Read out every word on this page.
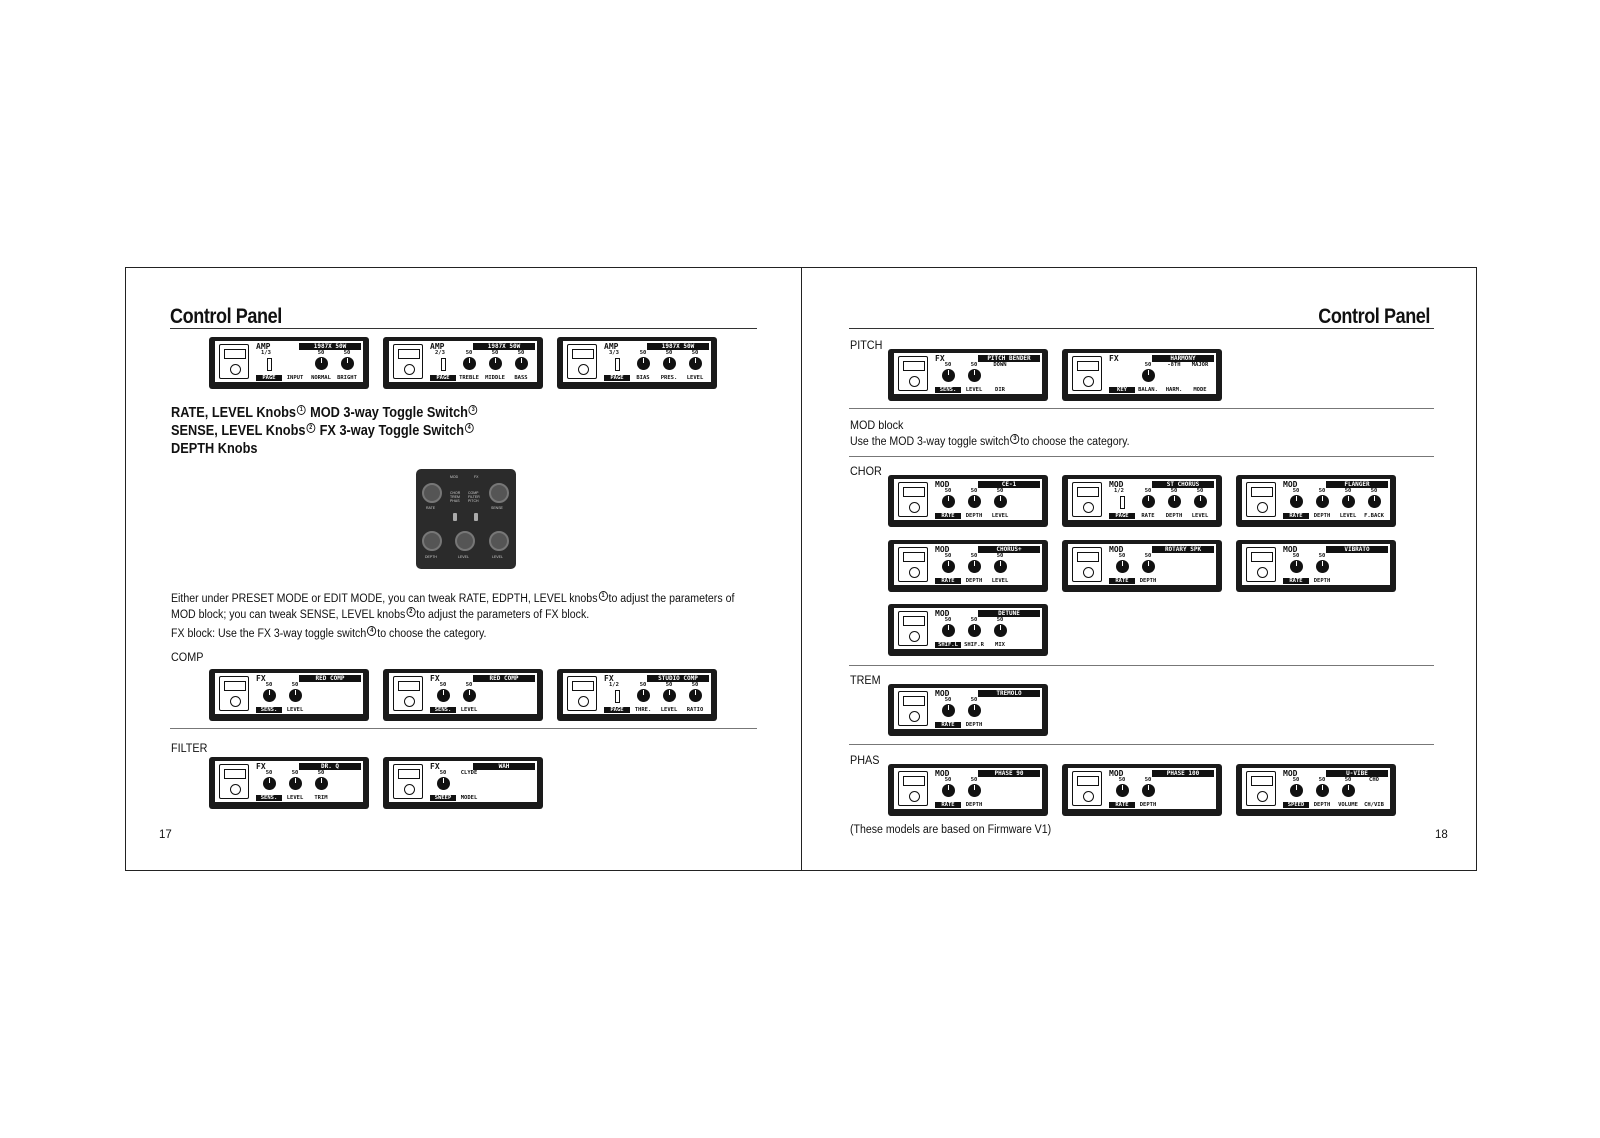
Control Panel
AMP	1987X 50W
1/3
PAGE	INPUT
50
NORMAL
50
BRIGHT
AMP	1987X 50W
2/3
PAGE
50
TREBLE
50
MIDDLE
50
BASS
AMP	1987X 50W
3/3
PAGE
50
BIAS
50
PRES.
50
LEVEL
RATE, LEVEL Knobs 1 MOD 3-way Toggle Switch 3
SENSE, LEVEL Knobs 2 FX 3-way Toggle Switch 4
DEPTH Knobs
MOD	FX
RATE	SENSE
CHOR
TREM
PHAS
COMP
FILTER
PITCH
DEPTH	LEVEL	LEVEL
Either under PRESET MODE or EDIT MODE, you can tweak RATE, EDPTH, LEVEL knobs 1 to adjust the parameters of MOD block; you can tweak SENSE, LEVEL knobs 2 to adjust the parameters of FX block.
FX block: Use the FX 3-way toggle switch 4 to choose the category.
COMP
FX	RED COMP
50
SENS.
50
LEVEL
FX	RED COMP
50
SENS.
50
LEVEL
FX	STUDIO COMP
1/2
PAGE
50
THRE.
50
LEVEL
50
RATIO
FILTER
FX	DR. Q
50
SENS.
50
LEVEL
50
TRIM
FX	WAH
50
SWEEP
CLYDE
MODEL
17
Control Panel
PITCH
FX	PITCH BENDER
50
SENS.
50
LEVEL
DOWN
DIR
FX	HARMONY
KEY
50
BALAN.
-8TH
HARM.
MAJOR
MODE
MOD block
Use the MOD 3-way toggle switch 3 to choose the category.
CHOR
MOD	CE-1
50
RATE
50
DEPTH
50
LEVEL
MOD	ST CHORUS
1/2
PAGE
50
RATE
50
DEPTH
50
LEVEL
MOD	FLANGER
50
RATE
50
DEPTH
50
LEVEL
50
F.BACK
MOD	CHORUS+
50
RATE
50
DEPTH
50
LEVEL
MOD	ROTARY SPK
50
RATE
50
DEPTH
MOD	VIBRATO
50
RATE
50
DEPTH
MOD	DETUNE
50
SHIF.L
50
SHIF.R
50
MIX
TREM
MOD	TREMOLO
50
RATE
50
DEPTH
PHAS
MOD	PHASE 90
50
RATE
50
DEPTH
MOD	PHASE 100
50
RATE
50
DEPTH
MOD	U-VIBE
50
SPEED
50
DEPTH
50
VOLUME
CHO
CH/VIB
(These models are based on Firmware V1)	18
